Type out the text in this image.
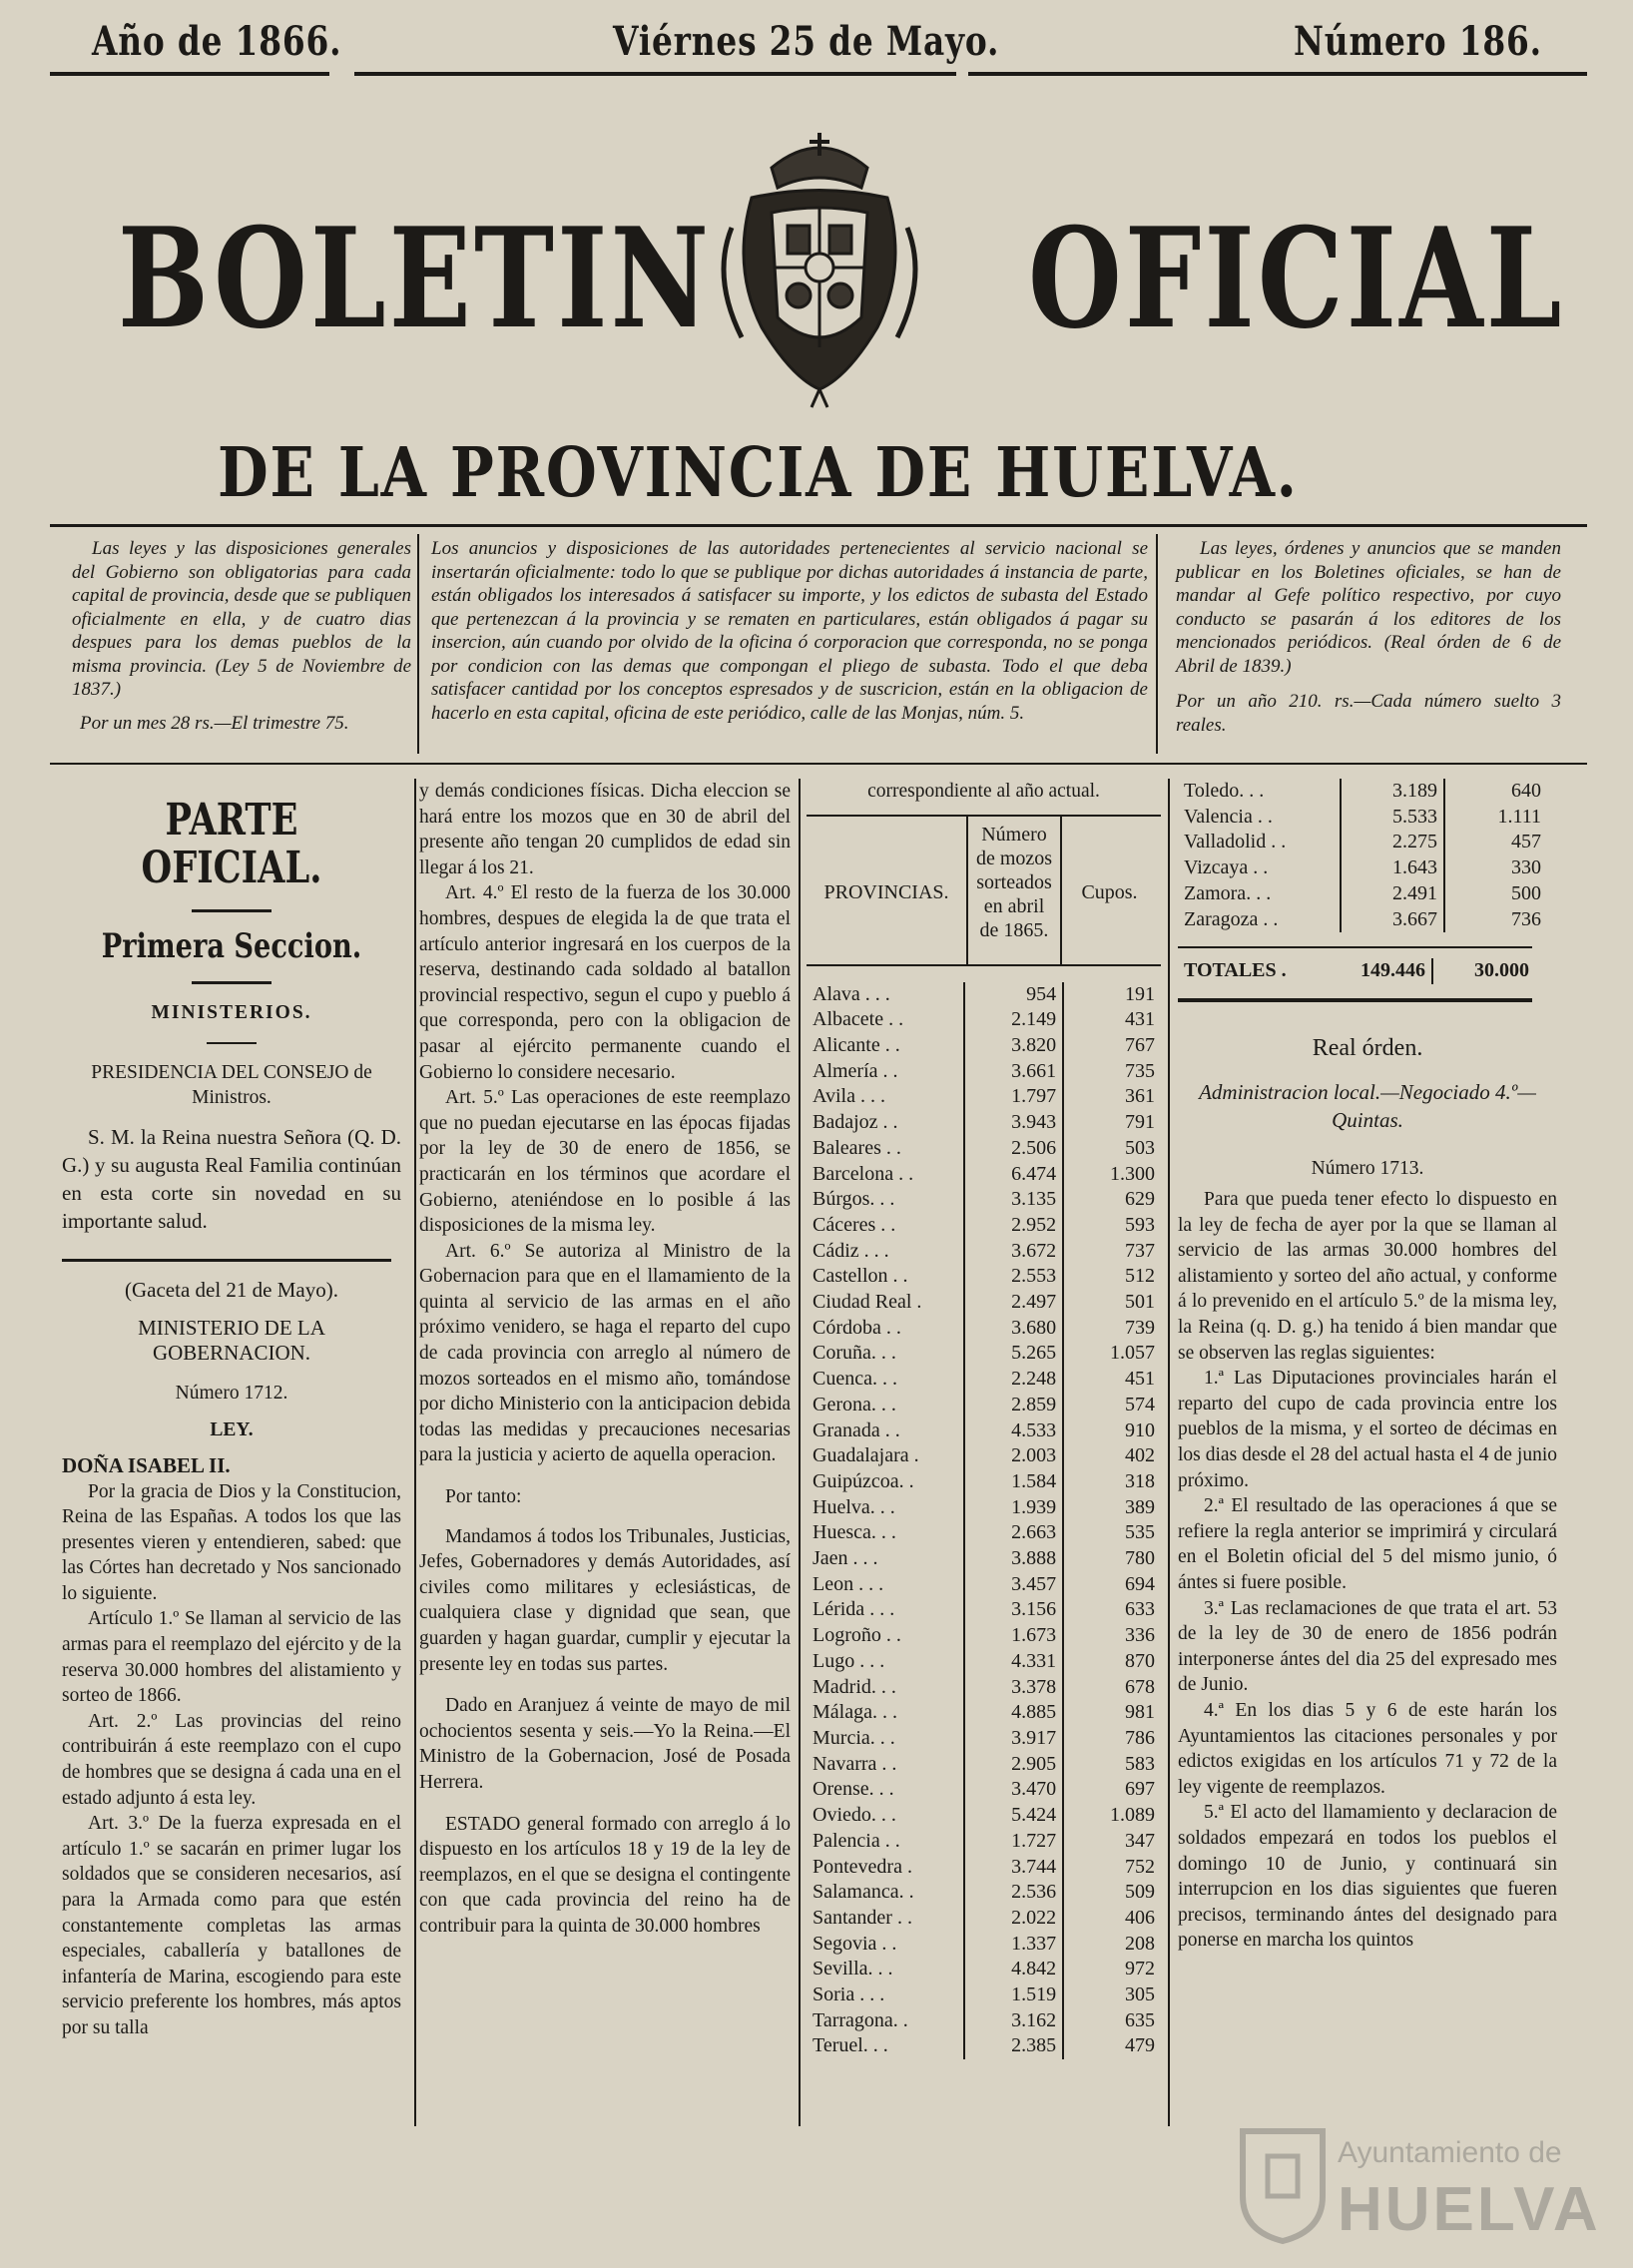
Año de 1866.	Viérnes 25 de Mayo.	Número 186.
BOLETIN OFICIAL
DE LA PROVINCIA DE HUELVA.

Las leyes y las disposiciones generales del Gobierno son obligatorias para cada capital de provincia, desde que se publiquen oficialmente en ella, y de cuatro dias despues para los demas pueblos de la misma provincia. (Ley 5 de Noviembre de 1837.)

Por un mes 28 rs.—El trimestre 75.

Los anuncios y disposiciones de las autoridades pertenecientes al servicio nacional se insertarán oficialmente: todo lo que se publique por dichas autoridades á instancia de parte, están obligados los interesados á satisfacer su importe, y los edictos de subasta del Estado que pertenezcan á la provincia y se rematen en particulares, están obligados á pagar su insercion, aún cuando por olvido de la oficina ó corporacion que corresponda, no se ponga por condicion con las demas que compongan el pliego de subasta. Todo el que deba satisfacer cantidad por los conceptos espresados y de suscricion, están en la obligacion de hacerlo en esta capital, oficina de este periódico, calle de las Monjas, núm. 5.

Las leyes, órdenes y anuncios que se manden publicar en los Boletines oficiales, se han de mandar al Gefe político respectivo, por cuyo conducto se pasarán á los editores de los mencionados periódicos. (Real órden de 6 de Abril de 1839.)

Por un año 210. rs.—Cada número suelto 3 reales.

PARTE OFICIAL.
Primera Seccion.

MINISTERIOS.

PRESIDENCIA DEL CONSEJO de Ministros.

S. M. la Reina nuestra Señora (Q. D. G.) y su augusta Real Familia continúan en esta corte sin novedad en su importante salud.

(Gaceta del 21 de Mayo).

MINISTERIO DE LA GOBERNACION.

Número 1712.

LEY.

DOÑA ISABEL II.

Por la gracia de Dios y la Constitucion, Reina de las Españas. A todos los que las presentes vieren y entendieren, sabed: que las Córtes han decretado y Nos sancionado lo siguiente.

Artículo 1.º Se llaman al servicio de las armas para el reemplazo del ejército y de la reserva 30.000 hombres del alistamiento y sorteo de 1866.

Art. 2.º Las provincias del reino contribuirán á este reemplazo con el cupo de hombres que se designa á cada una en el estado adjunto á esta ley.

Art. 3.º De la fuerza expresada en el artículo 1.º se sacarán en primer lugar los soldados que se consideren necesarios, así para la Armada como para que estén constantemente completas las armas especiales, caballería y batallones de infantería de Marina, escogiendo para este servicio preferente los hombres, más aptos por su talla

y demás condiciones físicas. Dicha eleccion se hará entre los mozos que en 30 de abril del presente año tengan 20 cumplidos de edad sin llegar á los 21.

Art. 4.º El resto de la fuerza de los 30.000 hombres, despues de elegida la de que trata el artículo anterior ingresará en los cuerpos de la reserva, destinando cada soldado al batallon provincial respectivo, segun el cupo y pueblo á que corresponda, pero con la obligacion de pasar al ejército permanente cuando el Gobierno lo considere necesario.

Art. 5.º Las operaciones de este reemplazo que no puedan ejecutarse en las épocas fijadas por la ley de 30 de enero de 1856, se practicarán en los términos que acordare el Gobierno, ateniéndose en lo posible á las disposiciones de la misma ley.

Art. 6.º Se autoriza al Ministro de la Gobernacion para que en el llamamiento de la quinta al servicio de las armas en el año próximo venidero, se haga el reparto del cupo de cada provincia con arreglo al número de mozos sorteados en el mismo año, tomándose por dicho Ministerio con la anticipacion debida todas las medidas y precauciones necesarias para la justicia y acierto de aquella operacion.

Por tanto:

Mandamos á todos los Tribunales, Justicias, Jefes, Gobernadores y demás Autoridades, así civiles como militares y eclesiásticas, de cualquiera clase y dignidad que sean, que guarden y hagan guardar, cumplir y ejecutar la presente ley en todas sus partes.

Dado en Aranjuez á veinte de mayo de mil ochocientos sesenta y seis.—Yo la Reina.—El Ministro de la Gobernacion, José de Posada Herrera.

ESTADO general formado con arreglo á lo dispuesto en los artículos 18 y 19 de la ley de reemplazos, en el que se designa el contingente con que cada provincia del reino ha de contribuir para la quinta de 30.000 hombres

correspondiente al año actual.

PROVINCIAS.
Número de mozos sorteados en abril de 1865.
Cupos.
Alava . . .	954	191
Albacete . .	2.149	431
Alicante . .	3.820	767
Almería . .	3.661	735
Avila . . .	1.797	361
Badajoz . .	3.943	791
Baleares . .	2.506	503
Barcelona . .	6.474	1.300
Búrgos. . .	3.135	629
Cáceres . .	2.952	593
Cádiz . . .	3.672	737
Castellon . .	2.553	512
Ciudad Real .	2.497	501
Córdoba . .	3.680	739
Coruña. . .	5.265	1.057
Cuenca. . .	2.248	451
Gerona. . .	2.859	574
Granada . .	4.533	910
Guadalajara .	2.003	402
Guipúzcoa. .	1.584	318
Huelva. . .	1.939	389
Huesca. . .	2.663	535
Jaen . . .	3.888	780
Leon . . .	3.457	694
Lérida . . .	3.156	633
Logroño . .	1.673	336
Lugo . . .	4.331	870
Madrid. . .	3.378	678
Málaga. . .	4.885	981
Murcia. . .	3.917	786
Navarra . .	2.905	583
Orense. . .	3.470	697
Oviedo. . .	5.424	1.089
Palencia . .	1.727	347
Pontevedra .	3.744	752
Salamanca. .	2.536	509
Santander . .	2.022	406
Segovia . .	1.337	208
Sevilla. . .	4.842	972
Soria . . .	1.519	305
Tarragona. .	3.162	635
Teruel. . .	2.385	479
Toledo. . .	3.189	640
Valencia . .	5.533	1.111
Valladolid . .	2.275	457
Vizcaya . .	1.643	330
Zamora. . .	2.491	500
Zaragoza . .	3.667	736
TOTALES .	149.446	30.000

Real órden.

Administracion local.—Negociado 4.º—Quintas.

Número 1713.

Para que pueda tener efecto lo dispuesto en la ley de fecha de ayer por la que se llaman al servicio de las armas 30.000 hombres del alistamiento y sorteo del año actual, y conforme á lo prevenido en el artículo 5.º de la misma ley, la Reina (q. D. g.) ha tenido á bien mandar que se observen las reglas siguientes:

1.ª Las Diputaciones provinciales harán el reparto del cupo de cada provincia entre los pueblos de la misma, y el sorteo de décimas en los dias desde el 28 del actual hasta el 4 de junio próximo.

2.ª El resultado de las operaciones á que se refiere la regla anterior se imprimirá y circulará en el Boletin oficial del 5 del mismo junio, ó ántes si fuere posible.

3.ª Las reclamaciones de que trata el art. 53 de la ley de 30 de enero de 1856 podrán interponerse ántes del dia 25 del expresado mes de Junio.

4.ª En los dias 5 y 6 de este harán los Ayuntamientos las citaciones personales y por edictos exigidas en los artículos 71 y 72 de la ley vigente de reemplazos.

5.ª El acto del llamamiento y declaracion de soldados empezará en todos los pueblos el domingo 10 de Junio, y continuará sin interrupcion en los dias siguientes que fueren precisos, terminando ántes del designado para ponerse en marcha los quintos

Ayuntamiento de
HUELVA
